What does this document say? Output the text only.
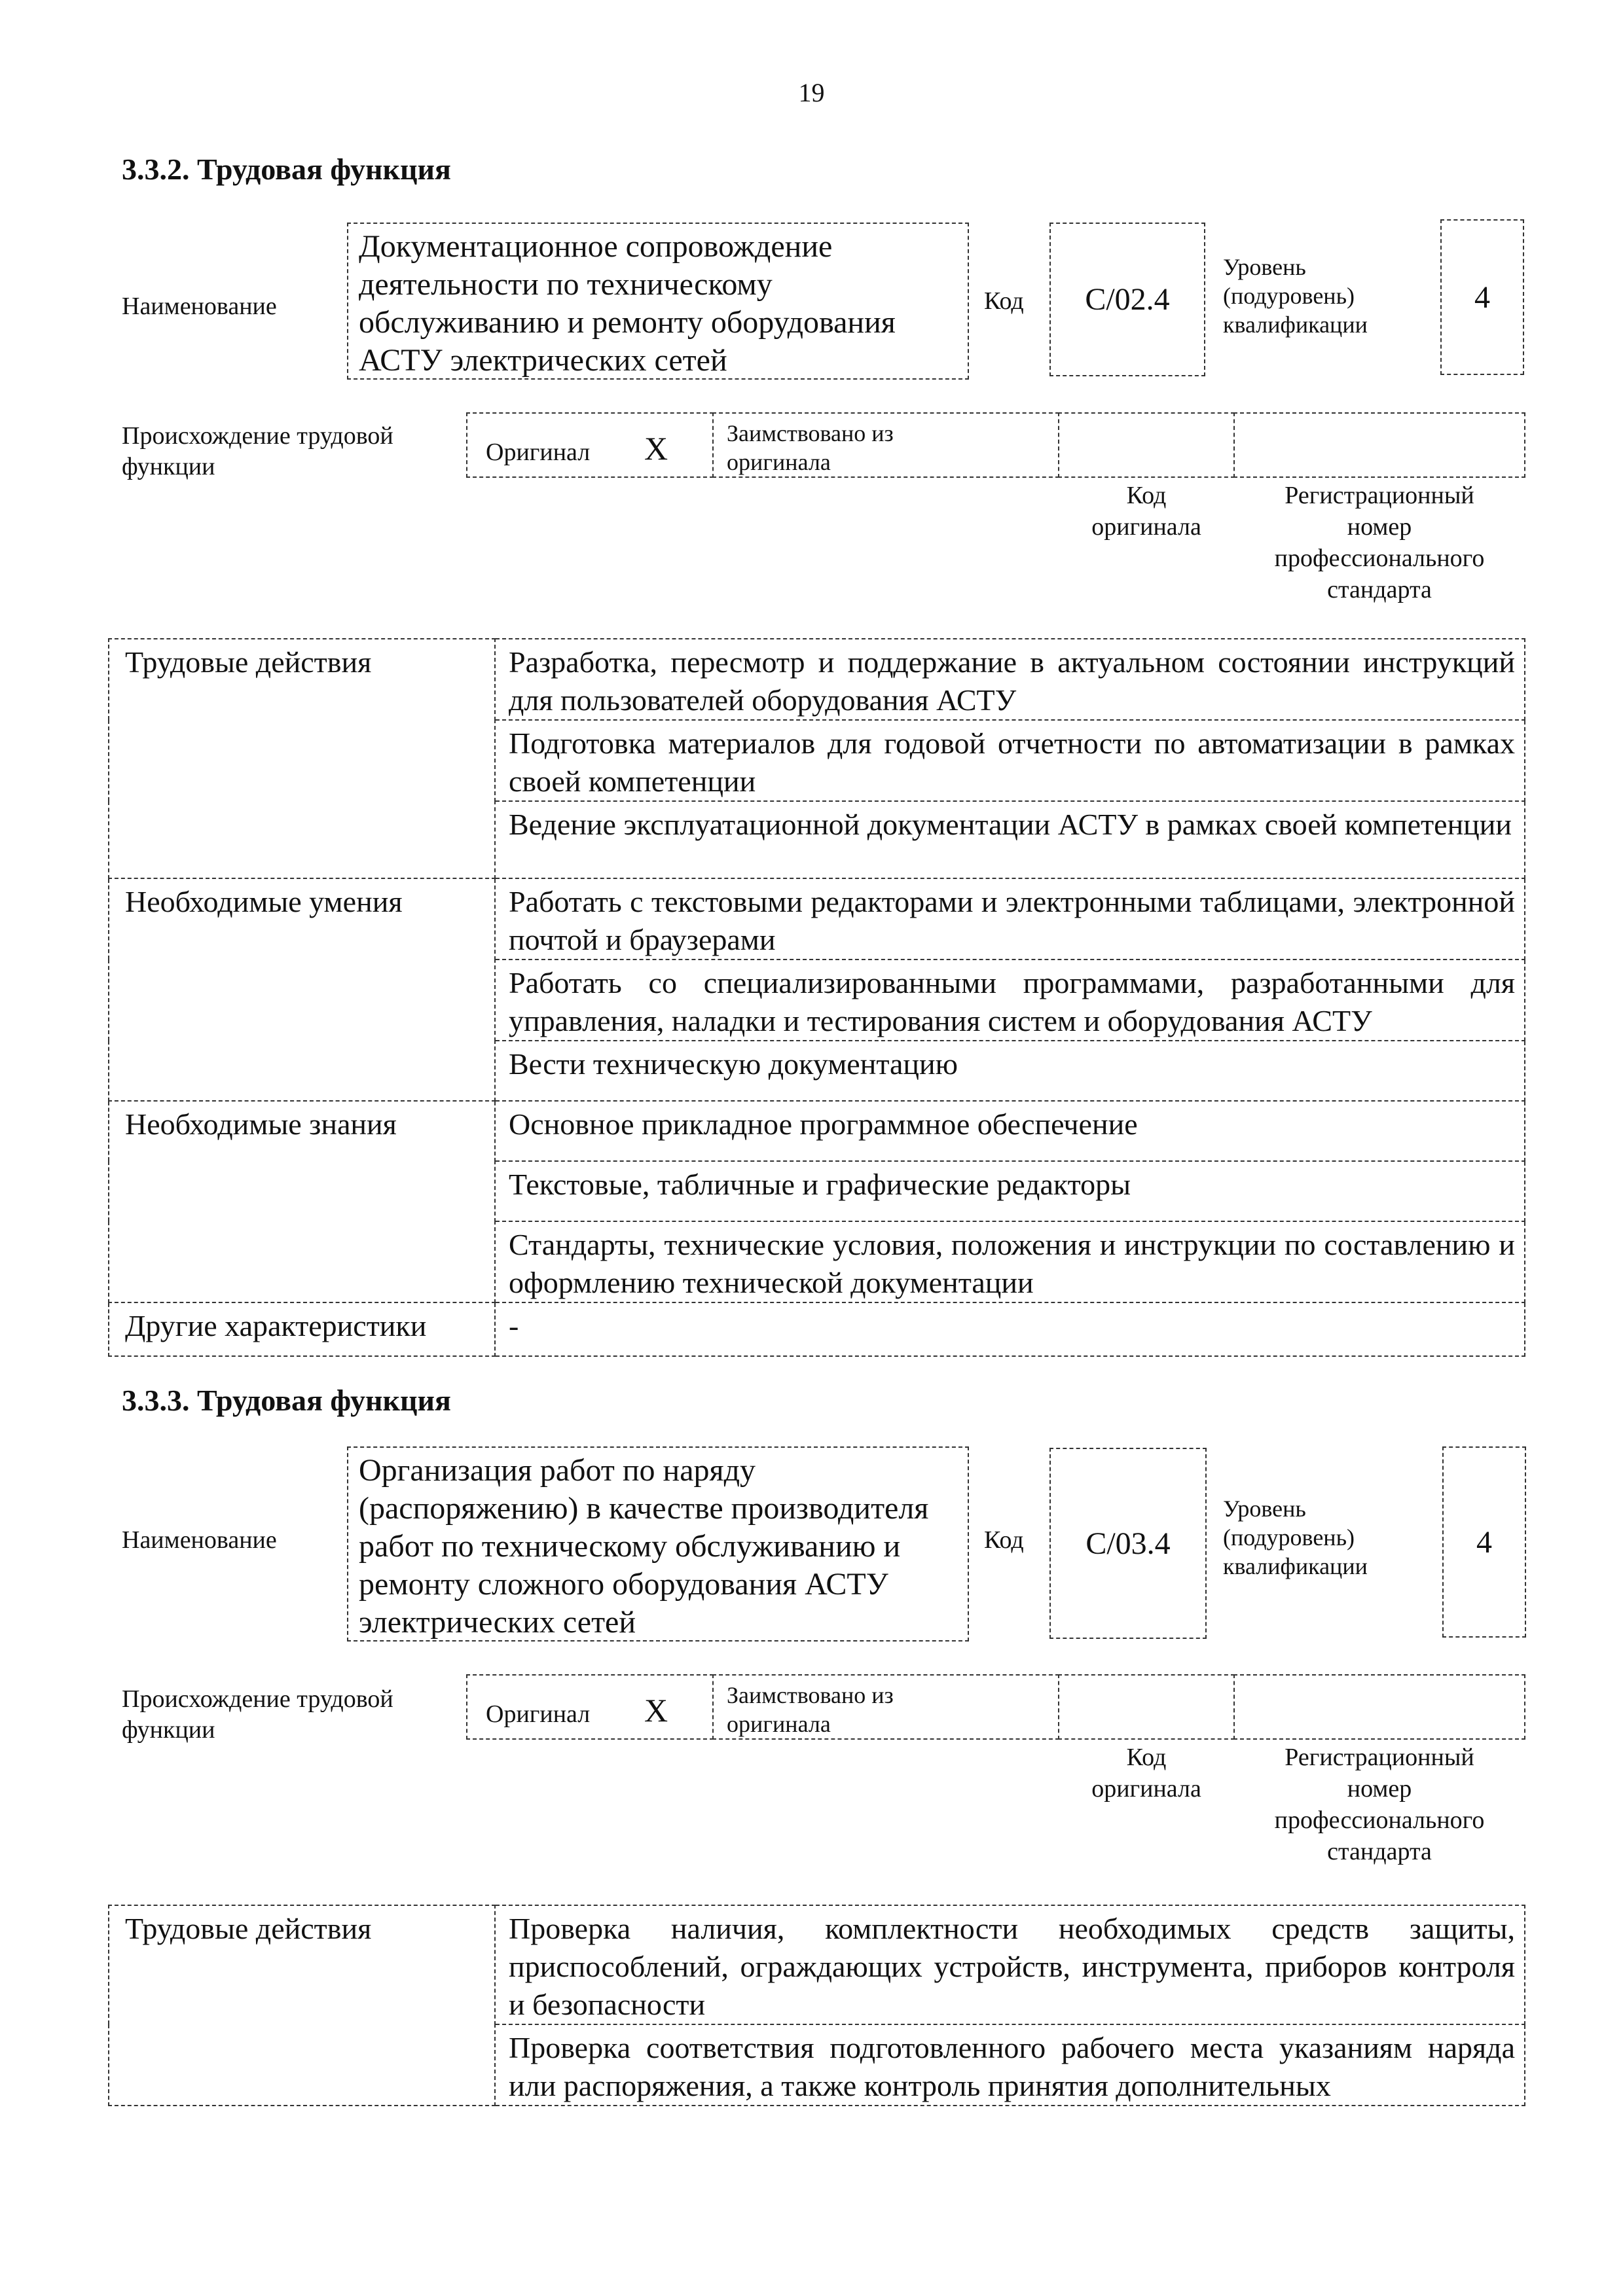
19
3.3.2. Трудовая функция
Наименование
Документационное сопровождение
деятельности по техническому
обслуживанию и ремонту оборудования
АСТУ электрических сетей
Код C/02.4
Уровень
(подуровень)
квалификации
4
Происхождение трудовой
функции
Оригинал X Заимствовано из
оригинала
Код
оригинала
Регистрационный
номер
профессионального
стандарта
Трудовые действия	Разработка, пересмотр и поддержание в актуальном состоянии инструкций для пользователей оборудования АСТУ
	Подготовка материалов для годовой отчетности по автоматизации в рамках своей компетенции
	Ведение эксплуатационной документации АСТУ в рамках своей компетенции
Необходимые умения	Работать с текстовыми редакторами и электронными таблицами, электронной почтой и браузерами
	Работать со специализированными программами, разработанными для управления, наладки и тестирования систем и оборудования АСТУ
	Вести техническую документацию
Необходимые знания	Основное прикладное программное обеспечение
	Текстовые, табличные и графические редакторы
	Стандарты, технические условия, положения и инструкции по составлению и оформлению технической документации
Другие характеристики	-
3.3.3. Трудовая функция
Наименование
Организация работ по наряду
(распоряжению) в качестве производителя
работ по техническому обслуживанию и
ремонту сложного оборудования АСТУ
электрических сетей
Код C/03.4
Уровень
(подуровень)
квалификации
4
Происхождение трудовой
функции
Оригинал X Заимствовано из
оригинала
Код
оригинала
Регистрационный
номер
профессионального
стандарта
Трудовые действия	Проверка наличия, комплектности необходимых средств защиты, приспособлений, ограждающих устройств, инструмента, приборов контроля и безопасности
Проверка соответствия подготовленного рабочего места указаниям наряда или распоряжения, а также контроль принятия дополнительных
